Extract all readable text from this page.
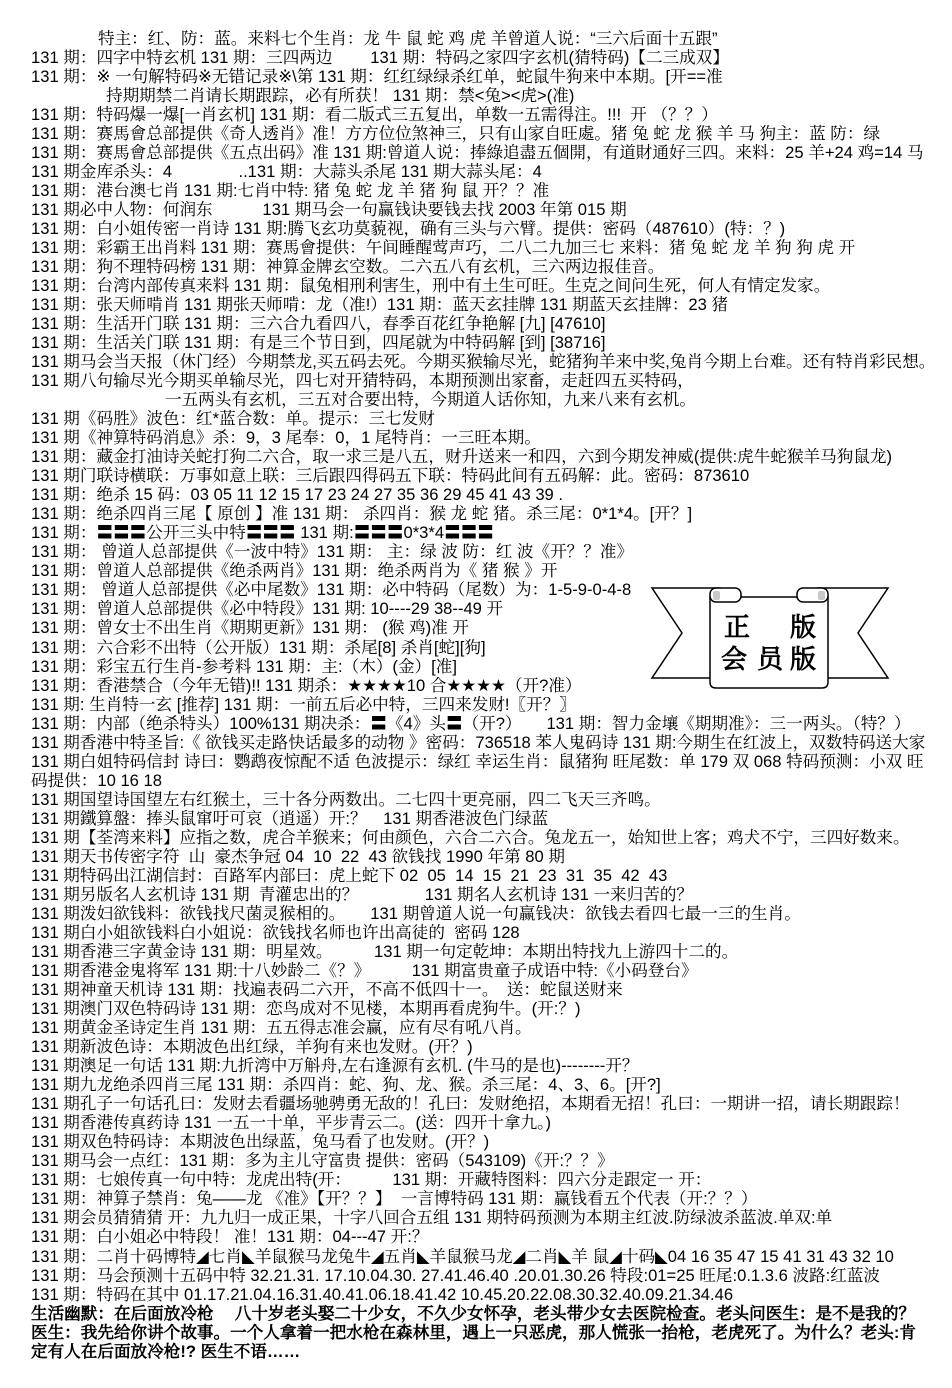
特主：红、防：蓝。来料七个生肖：龙 牛 鼠 蛇 鸡 虎 羊曾道人说：“三六后面十五跟”
131 期：四字中特玄机 131 期：三四两边　　 131 期：特码之家四字玄机(猜特码)【二三成双】
131 期：※ 一句解特码※无错记录※\第 131 期：红红绿绿杀红单，蛇鼠牛狗来中本期。[开==准
持期期禁二肖请长期跟踪，必有所获！ 131 期：禁<兔><虎>(准)
131 期：特码爆一爆[一肖玄机] 131 期：看二版式三五复出，单数一五需得注。!!!  开 （？？）
131 期：赛馬會总部提供《奇人透肖》准！方方位位煞神三，只有山家自旺處。猪 兔 蛇 龙 猴 羊 马 狗主：蓝 防：绿
131 期：赛馬會总部提供《五点出码》准 131 期:曾道人说：捧綠追盡五個開，有道財通好三四。来料：25 羊+24 鸡=14 马
131 期金库杀头：4　　　　..131 期：大蒜头杀尾 131 期大蒜头尾：4
131 期：港台澳七肖 131 期:七肖中特: 猪 兔 蛇 龙 羊 猪 狗 鼠 开？？准
131 期必中人物：何润东　　　131 期马会一句赢钱诀要钱去找 2003 年第 015 期
131 期：白小姐传密一肖诗 131 期:腾飞玄功莫藐视，确有三头与六臂。提供：密码（487610）(特：？)
131 期：彩霸王出肖料 131 期：赛馬會提供：午间睡醒莺声巧，二八二九加三七 来料：猪 兔 蛇 龙 羊 狗 狗 虎 开
131 期：狗不理特码榜 131 期：神算金牌玄空数。二六五八有玄机，三六两边报佳音。
131 期：台湾内部传真来料 131 期：鼠兔相刑利害生，刑中有土生可旺。生克之间问生死，何人有情定发家。
131 期：张天师啃肖 131 期张天师啃：龙（准!）131 期：蓝天玄挂牌 131 期蓝天玄挂牌：23 猪
131 期：生活开门联 131 期：三六合九看四八，春季百花红争艳解 [九] [47610]
131 期：生活关门联 131 期：有是三个节日到，四尾就为中特码解 [到] [38716]
131 期马会当天报（休门经）今期禁龙,买五码去死。今期买猴输尽光，蛇猪狗羊来中奖,兔肖今期上台难。还有特肖彩民想。
131 期八句输尽光今期买单输尽光，四七对开猜特码，本期预测出家畜，走赶四五买特码，
一五两头有玄机，三五对合要出特，今期道人话你知，九来八来有玄机。
131 期《码胜》波色：红*蓝合数：单。提示：三七发财
131 期《神算特码消息》杀：9，3 尾奉：0，1 尾特肖：一三旺本期。
131 期：藏金打油诗关蛇打狗二六合，取一求三是八五，财升送来一和四，六到今期发神威(提供:虎牛蛇猴羊马狗鼠龙)
131 期门联诗横联：万事如意上联：三后跟四得码五下联：特码此间有五码解：此。密码：873610
131 期：绝杀 15 码：03 05 11 12 15 17 23 24 27 35 36 29 45 41 43 39 .
131 期：绝杀四肖三尾【 原创 】准 131 期： 杀四肖：猴 龙 蛇 猪。杀三尾：0*1*4。[开？]
131 期：〓〓〓公开三头中特〓〓〓 131 期:〓〓〓0*3*4〓〓〓
131 期： 曾道人总部提供《一波中特》131 期： 主：绿 波 防：红 波《开？？准》
131 期：曾道人总部提供《绝杀两肖》131 期：绝杀两肖为《 猪 猴 》开
131 期： 曾道人总部提供《必中尾数》131 期：必中特码（尾数）为：1-5-9-0-4-8
131 期：曾道人总部提供《必中特段》131 期: 10----29 38--49 开
131 期：曾女士不出生肖《期期更新》131 期： (猴 鸡)准 开
131 期：六合彩不出特（公开版）131 期：杀尾[8] 杀肖[蛇][狗]
131 期：彩宝五行生肖-参考料 131 期：主:（木）(金）[准]
131 期：香港禁合（今年无错)!! 131 期杀：★★★★10 合★★★★（开?准）
131 期: 生肖特一玄 [推荐] 131 期：一前五后必中特，三四来发财!〖开？〗
131 期：内部（绝杀特头）100%131 期决杀：〓《4》头〓（开?）　　131 期：智力金壤《期期准》：三一两头。（特？）
131 期香港中特圣旨:《 欲钱买走路快话最多的动物 》密码：736518 苯人鬼码诗 131 期:今期生在红波上，双数特码送大家
131 期白姐特码信封 诗曰：鹦鹉夜惊配不适 色波提示：绿红 幸运生肖：鼠猪狗 旺尾数：单 179 双 068 特码预测：小双 旺
码提供：10 16 18
131 期国望诗国望左右红猴土，三十各分两数出。二七四十更亮丽，四二飞天三齐鸣。
131 期鐵算盤：捧头鼠窜吁可哀（逍遥）开:？　131 期香港波色门绿蓝
131 期【荃湾来料】应指之数，虎合羊猴来；何由颜色，六合二六合。兔龙五一，始知世上客；鸡犬不宁，三四好数来。
131 期天书传密字符  山  豪杰争冠 04  10  22  43 欲钱找 1990 年第 80 期
131 期特码出江湖信封：百路军内部曰：虎上蛇下 02  05  14  15  21  23  31  35  42  43
131 期另版名人玄机诗 131 期  青灌忠出的？　　　　131 期名人玄机诗 131 一来归苦的？
131 期泼妇欲钱料：欲钱找尺菌灵猴相的。　　131 期曾道人说一句赢钱决：欲钱去看四七最一三的生肖。
131 期白小姐欲钱料白小姐说：欲钱找名师也许出高徒的  密码 128
131 期香港三字黄金诗 131 期：明星效。　　　131 期一句定乾坤：本期出特找九上游四十二的。
131 期香港金鬼将军 131 期:十八妙龄二《？》　　　131 期富贵童子成语中特:《小码登台》
131 期神童天机诗 131 期：找遍表码二六开，不高不低四十一。　送：蛇鼠送财来
131 期澳门双色特码诗 131 期：恋鸟成对不见楼，本期再看虎狗牛。(开:？)
131 期黄金圣诗定生肖 131 期：五五得志准会赢，应有尽有吼八肖。
131 期新波色诗：本期波色出红绿，羊狗有来也发财。(开？)
131 期澳足一句话 131 期:九折湾中万斛舟,左右逢源有玄机. (牛马的是也)--------开？
131 期九龙绝杀四肖三尾 131 期：杀四肖：蛇、狗、龙、猴。杀三尾：4、3、6。[开?]
131 期孔子一句话孔曰：发财去看疆场驰骋勇无敌的！孔曰：发财绝招，本期看无招！孔曰：一期讲一招，请长期跟踪！
131 期香港传真药诗 131 一五一十单，平步青云二。(送：四开十拿九。)
131 期双色特码诗：本期波色出绿蓝，兔马看了也发财。(开？)
131 期马会一点红：131 期：多为主儿守富贵 提供：密码（543109)《开:？？》
131 期：七娘传真一句中特：龙虎出特(开：　　　131 期：开藏特图料：四六分走跟定一 开：
131 期：神算子禁肖：兔——龙 《准》【开？？】  一言博特码 131 期：赢钱看五个代表（开:？？）
131 期会员猜猜猜 开：九九归一成正果，十字八回合五组 131 期特码预测为本期主红波.防绿波杀蓝波.单双:单
131 期：白小姐必中特段！ 准！131 期：04---47 开:？
131 期：二肖十码博特◢七肖◣羊鼠猴马龙兔牛◢五肖◣羊鼠猴马龙◢二肖◣羊 鼠◢十码◣04 16 35 47 15 41 31 43 32 10
131 期：马会预测十五码中特 32.21.31. 17.10.04.30. 27.41.46.40 .20.01.30.26 特段:01=25 旺尾:0.1.3.6 波路:红蓝波
131 期：特码在其中 01.17.21.04.16.31.40.41.06.18.41.42 10.45.20.22.08.30.32.40.09.21.34.46
生活幽默：在后面放冷枪　 八十岁老头娶二十少女，不久少女怀孕，老头带少女去医院检查。老头问医生：是不是我的？
医生：我先给你讲个故事。一个人拿着一把水枪在森林里，遇上一只恶虎，那人慌张一抬枪，老虎死了。为什么？老头:肯
定有人在后面放冷枪!? 医生不语……
正 版
会 员 版
